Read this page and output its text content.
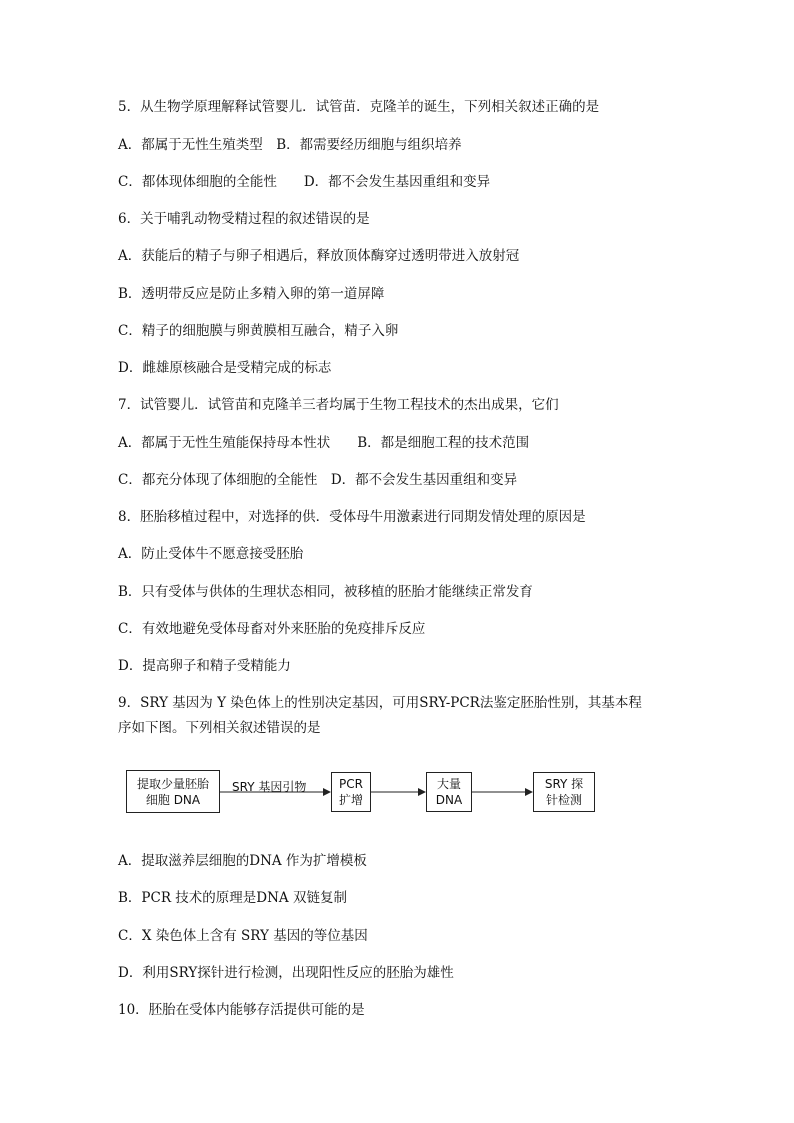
5．从生物学原理解释试管婴儿．试管苗．克隆羊的诞生，下列相关叙述正确的是
A．都属于无性生殖类型　B．都需要经历细胞与组织培养
C．都体现体细胞的全能性　　D．都不会发生基因重组和变异
6．关于哺乳动物受精过程的叙述错误的是
A．获能后的精子与卵子相遇后，释放顶体酶穿过透明带进入放射冠
B．透明带反应是防止多精入卵的第一道屏障
C．精子的细胞膜与卵黄膜相互融合，精子入卵
D．雌雄原核融合是受精完成的标志
7．试管婴儿．试管苗和克隆羊三者均属于生物工程技术的杰出成果，它们
A．都属于无性生殖能保持母本性状　　B．都是细胞工程的技术范围
C．都充分体现了体细胞的全能性　D．都不会发生基因重组和变异
8．胚胎移植过程中，对选择的供．受体母牛用激素进行同期发情处理的原因是
A．防止受体牛不愿意接受胚胎
B．只有受体与供体的生理状态相同，被移植的胚胎才能继续正常发育
C．有效地避免受体母畜对外来胚胎的免疫排斥反应
D．提高卵子和精子受精能力
9．SRY 基因为 Y 染色体上的性别决定基因，可用SRY-PCR法鉴定胚胎性别，其基本程
序如下图。下列相关叙述错误的是
提取少量胚胎
细胞 DNA
SRY 基因引物	PCR
扩增
大量
DNA
SRY 探
针检测
A．提取滋养层细胞的DNA 作为扩增模板
B．PCR 技术的原理是DNA 双链复制
C．X 染色体上含有 SRY 基因的等位基因
D．利用SRY探针进行检测，出现阳性反应的胚胎为雄性
10．胚胎在受体内能够存活提供可能的是
